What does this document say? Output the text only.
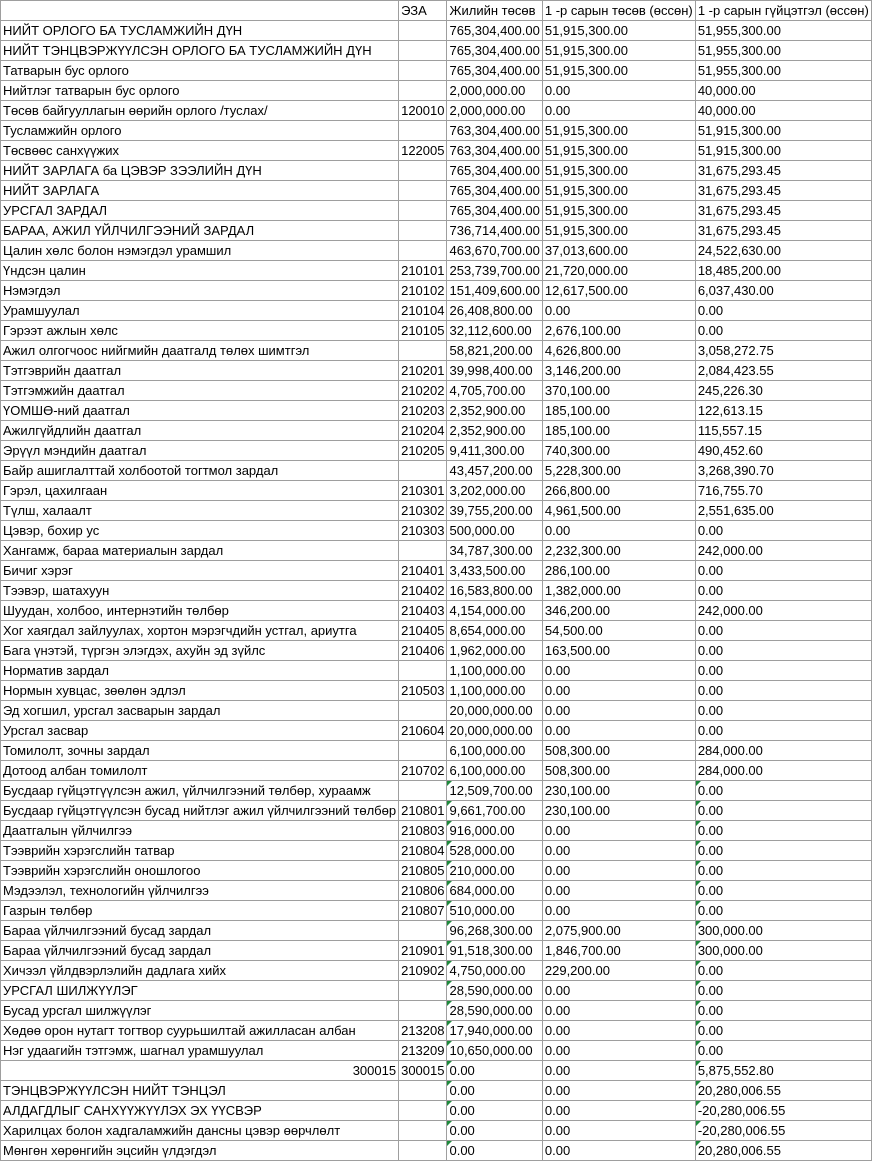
	ЭЗА	Жилийн төсөв	1 -р сарын төсөв (өссөн)	1 -р сарын гүйцэтгэл (өссөн)
НИЙТ ОРЛОГО БА ТУСЛАМЖИЙН ДҮН		765,304,400.00	51,915,300.00	51,955,300.00
НИЙТ ТЭНЦВЭРЖҮҮЛСЭН ОРЛОГО БА ТУСЛАМЖИЙН ДҮН		765,304,400.00	51,915,300.00	51,955,300.00
Татварын бус орлого		765,304,400.00	51,915,300.00	51,955,300.00
Нийтлэг татварын бус орлого		2,000,000.00	0.00	40,000.00
Төсөв байгууллагын өөрийн орлого /туслах/	120010	2,000,000.00	0.00	40,000.00
Тусламжийн орлого		763,304,400.00	51,915,300.00	51,915,300.00
Төсвөөс санхүүжих	122005	763,304,400.00	51,915,300.00	51,915,300.00
НИЙТ ЗАРЛАГА ба ЦЭВЭР ЗЭЭЛИЙН ДҮН		765,304,400.00	51,915,300.00	31,675,293.45
НИЙТ ЗАРЛАГА		765,304,400.00	51,915,300.00	31,675,293.45
УРСГАЛ ЗАРДАЛ		765,304,400.00	51,915,300.00	31,675,293.45
БАРАА, АЖИЛ ҮЙЛЧИЛГЭЭНИЙ ЗАРДАЛ		736,714,400.00	51,915,300.00	31,675,293.45
Цалин хөлс болон нэмэгдэл урамшил		463,670,700.00	37,013,600.00	24,522,630.00
Үндсэн цалин	210101	253,739,700.00	21,720,000.00	18,485,200.00
Нэмэгдэл	210102	151,409,600.00	12,617,500.00	6,037,430.00
Урамшуулал	210104	26,408,800.00	0.00	0.00
Гэрээт ажлын хөлс	210105	32,112,600.00	2,676,100.00	0.00
Ажил олгогчоос нийгмийн даатгалд төлөх шимтгэл		58,821,200.00	4,626,800.00	3,058,272.75
Тэтгэврийн даатгал	210201	39,998,400.00	3,146,200.00	2,084,423.55
Тэтгэмжийн даатгал	210202	4,705,700.00	370,100.00	245,226.30
ҮОМШӨ-ний даатгал	210203	2,352,900.00	185,100.00	122,613.15
Ажилгүйдлийн даатгал	210204	2,352,900.00	185,100.00	115,557.15
Эрүүл мэндийн даатгал	210205	9,411,300.00	740,300.00	490,452.60
Байр ашиглалттай холбоотой тогтмол зардал		43,457,200.00	5,228,300.00	3,268,390.70
Гэрэл, цахилгаан	210301	3,202,000.00	266,800.00	716,755.70
Түлш, халаалт	210302	39,755,200.00	4,961,500.00	2,551,635.00
Цэвэр, бохир ус	210303	500,000.00	0.00	0.00
Хангамж, бараа материалын зардал		34,787,300.00	2,232,300.00	242,000.00
Бичиг хэрэг	210401	3,433,500.00	286,100.00	0.00
Тээвэр, шатахуун	210402	16,583,800.00	1,382,000.00	0.00
Шуудан, холбоо, интернэтийн төлбөр	210403	4,154,000.00	346,200.00	242,000.00
Хог хаягдал зайлуулах, хортон мэрэгчдийн устгал, ариутга	210405	8,654,000.00	54,500.00	0.00
Бага үнэтэй, түргэн элэгдэх, ахуйн эд зүйлс	210406	1,962,000.00	163,500.00	0.00
Норматив зардал		1,100,000.00	0.00	0.00
Нормын хувцас, зөөлөн эдлэл	210503	1,100,000.00	0.00	0.00
Эд хогшил, урсгал засварын зардал		20,000,000.00	0.00	0.00
Урсгал засвар	210604	20,000,000.00	0.00	0.00
Томилолт, зочны зардал		6,100,000.00	508,300.00	284,000.00
Дотоод албан томилолт	210702	6,100,000.00	508,300.00	284,000.00
Бусдаар гүйцэтгүүлсэн ажил, үйлчилгээний төлбөр, хураамж		12,509,700.00	230,100.00	0.00
Бусдаар гүйцэтгүүлсэн бусад нийтлэг ажил үйлчилгээний төлбөр	210801	9,661,700.00	230,100.00	0.00
Даатгалын үйлчилгээ	210803	916,000.00	0.00	0.00
Тээврийн хэрэгслийн татвар	210804	528,000.00	0.00	0.00
Тээврийн хэрэгслийн оношлогоо	210805	210,000.00	0.00	0.00
Мэдээлэл, технологийн үйлчилгээ	210806	684,000.00	0.00	0.00
Газрын төлбөр	210807	510,000.00	0.00	0.00
Бараа үйлчилгээний бусад зардал		96,268,300.00	2,075,900.00	300,000.00
Бараа үйлчилгээний бусад зардал	210901	91,518,300.00	1,846,700.00	300,000.00
Хичээл үйлдвэрлэлийн дадлага хийх	210902	4,750,000.00	229,200.00	0.00
УРСГАЛ ШИЛЖҮҮЛЭГ		28,590,000.00	0.00	0.00
Бусад урсгал шилжүүлэг		28,590,000.00	0.00	0.00
Хөдөө орон нутагт тогтвор суурьшилтай ажилласан албан	213208	17,940,000.00	0.00	0.00
Нэг удаагийн тэтгэмж, шагнал урамшуулал	213209	10,650,000.00	0.00	0.00
300015	300015	0.00	0.00	5,875,552.80
ТЭНЦВЭРЖҮҮЛСЭН НИЙТ ТЭНЦЭЛ		0.00	0.00	20,280,006.55
АЛДАГДЛЫГ САНХҮҮЖҮҮЛЭХ ЭХ ҮҮСВЭР		0.00	0.00	-20,280,006.55
Харилцах болон хадгаламжийн дансны цэвэр өөрчлөлт		0.00	0.00	-20,280,006.55
Мөнгөн хөрөнгийн эцсийн үлдэгдэл		0.00	0.00	20,280,006.55
